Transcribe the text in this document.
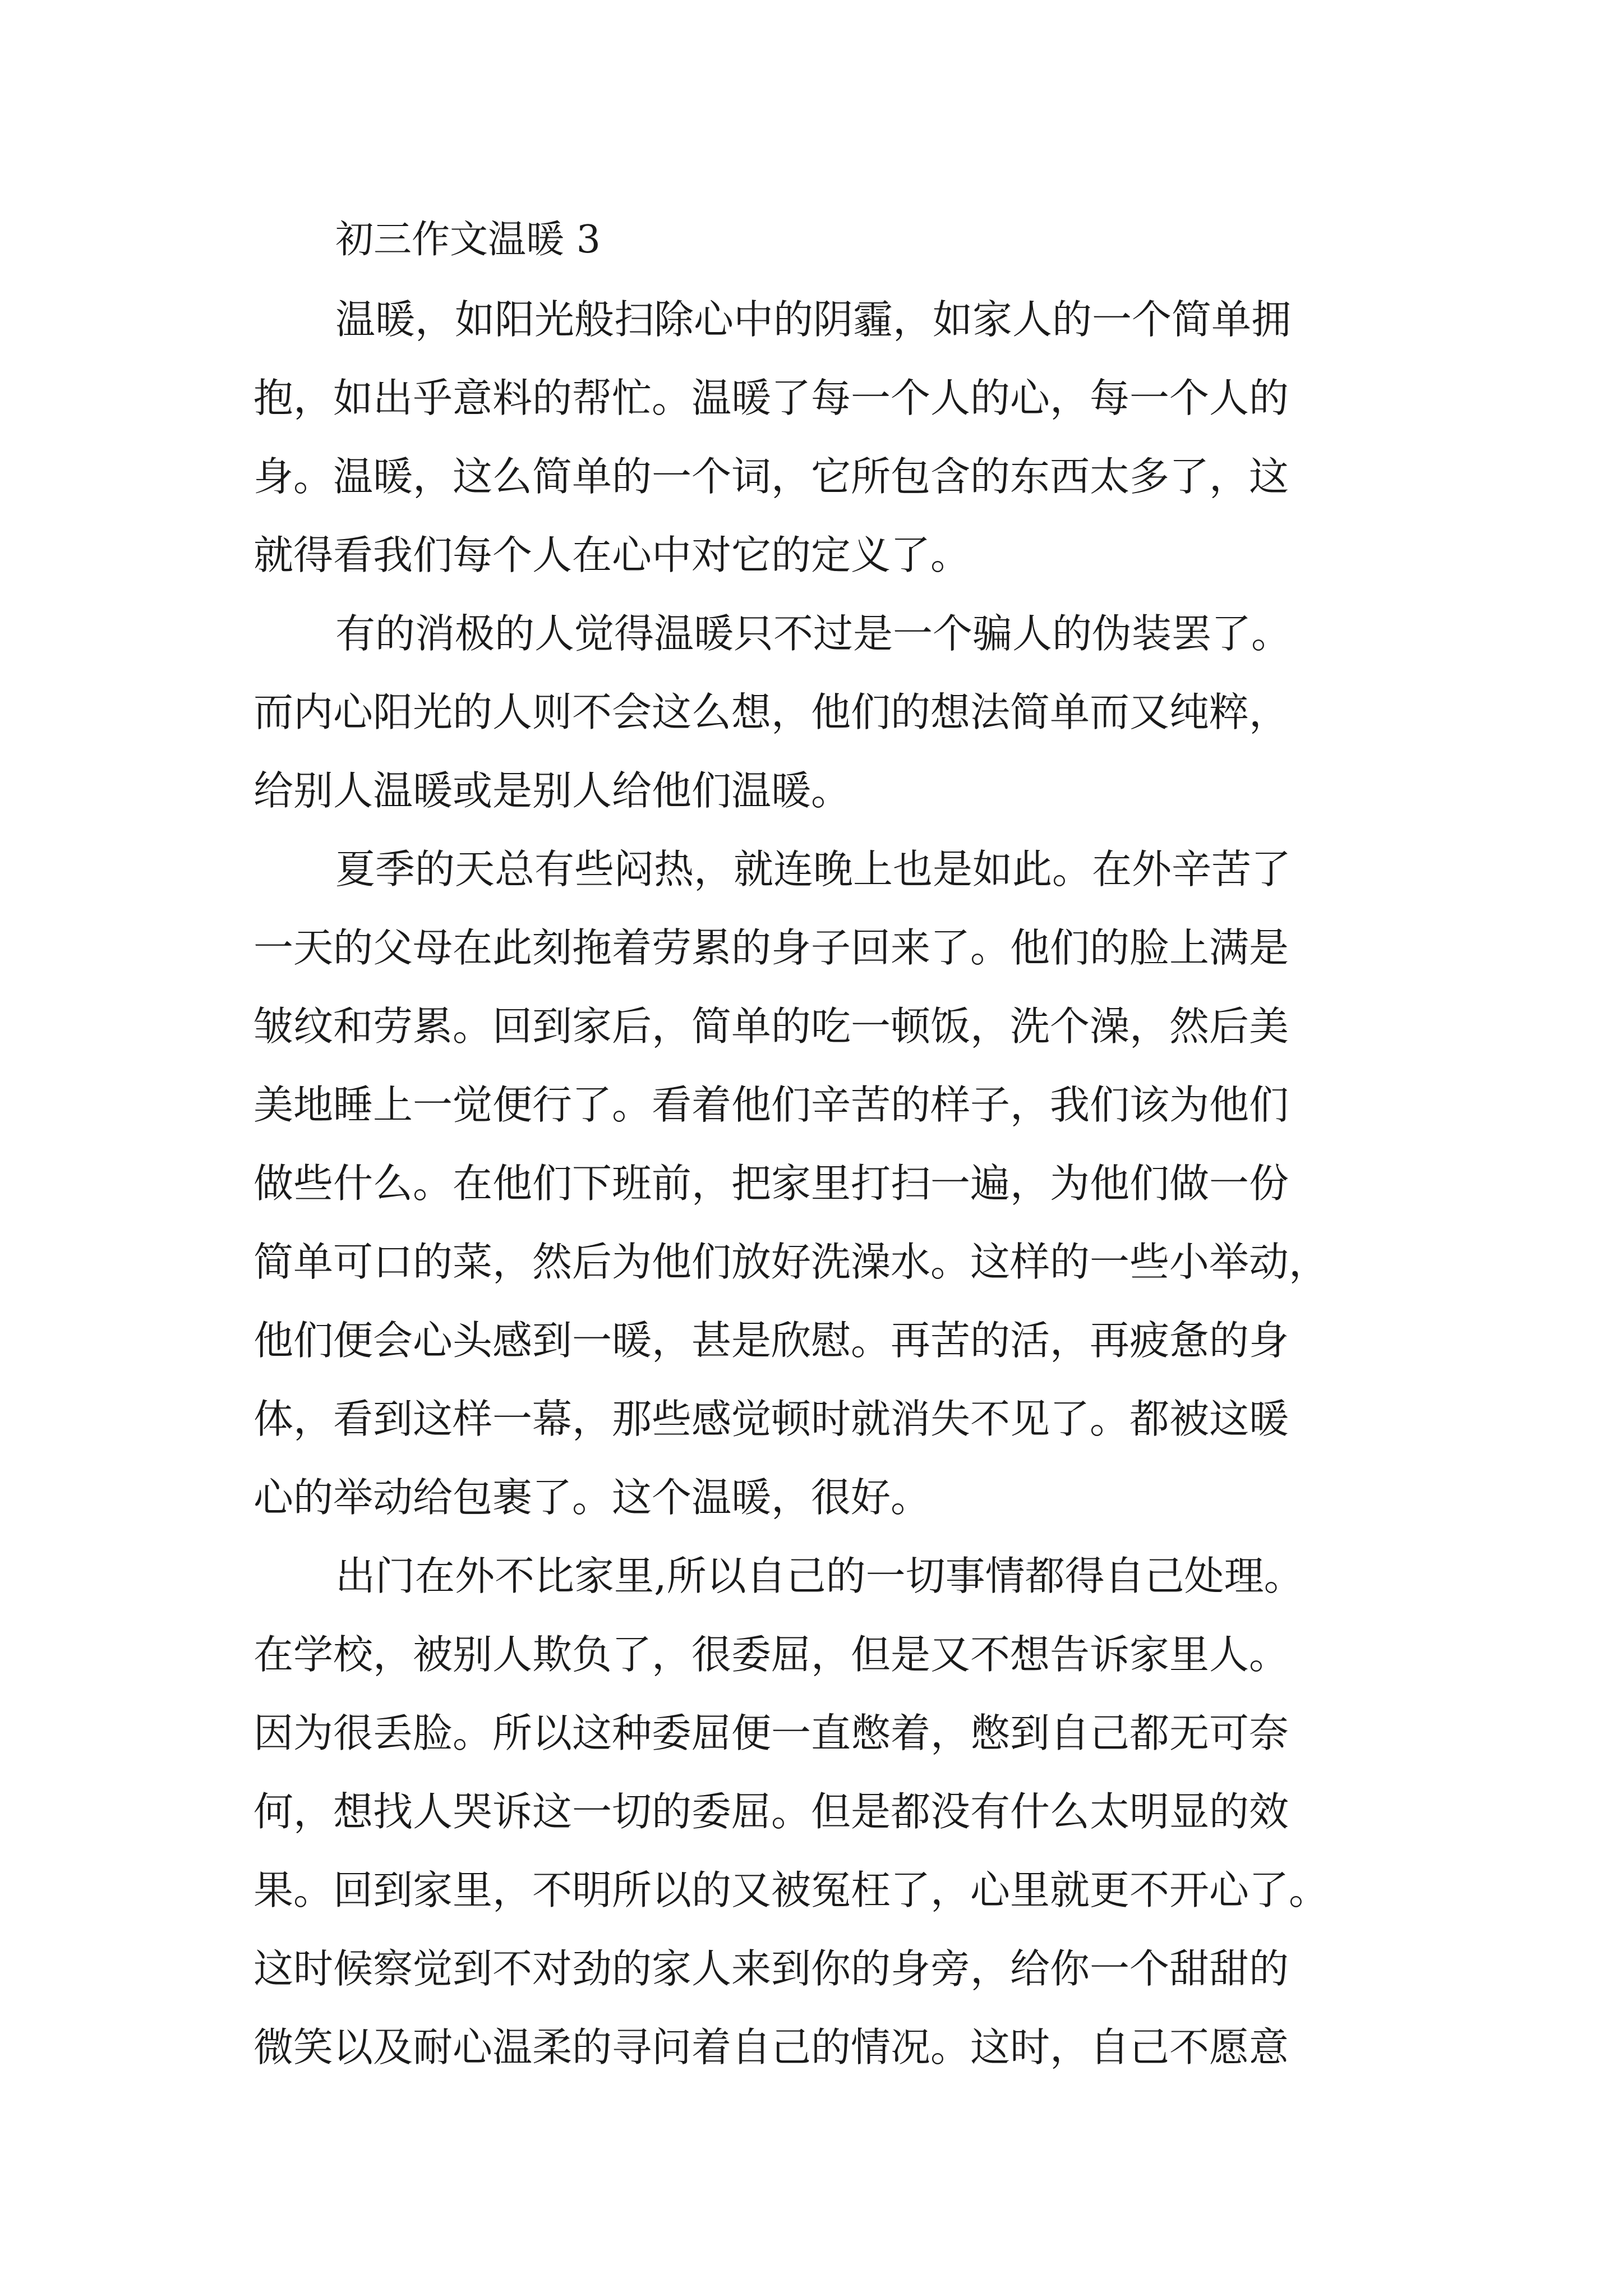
初三作文温暖 3
温暖，如阳光般扫除心中的阴霾，如家人的一个简单拥
抱，如出乎意料的帮忙。温暖了每一个人的心，每一个人的
身。温暖，这么简单的一个词，它所包含的东西太多了，这
就得看我们每个人在心中对它的定义了。
有的消极的人觉得温暖只不过是一个骗人的伪装罢了。
而内心阳光的人则不会这么想，他们的想法简单而又纯粹，
给别人温暖或是别人给他们温暖。
夏季的天总有些闷热，就连晚上也是如此。在外辛苦了
一天的父母在此刻拖着劳累的身子回来了。他们的脸上满是
皱纹和劳累。回到家后，简单的吃一顿饭，洗个澡，然后美
美地睡上一觉便行了。看着他们辛苦的样子，我们该为他们
做些什么。在他们下班前，把家里打扫一遍，为他们做一份
简单可口的菜，然后为他们放好洗澡水。这样的一些小举动，
他们便会心头感到一暖，甚是欣慰。再苦的活，再疲惫的身
体，看到这样一幕，那些感觉顿时就消失不见了。都被这暖
心的举动给包裹了。这个温暖，很好。
出门在外不比家里,所以自己的一切事情都得自己处理。
在学校，被别人欺负了，很委屈，但是又不想告诉家里人。
因为很丢脸。所以这种委屈便一直憋着，憋到自己都无可奈
何，想找人哭诉这一切的委屈。但是都没有什么太明显的效
果。回到家里，不明所以的又被冤枉了，心里就更不开心了。
这时候察觉到不对劲的家人来到你的身旁，给你一个甜甜的
微笑以及耐心温柔的寻问着自己的情况。这时，自己不愿意
